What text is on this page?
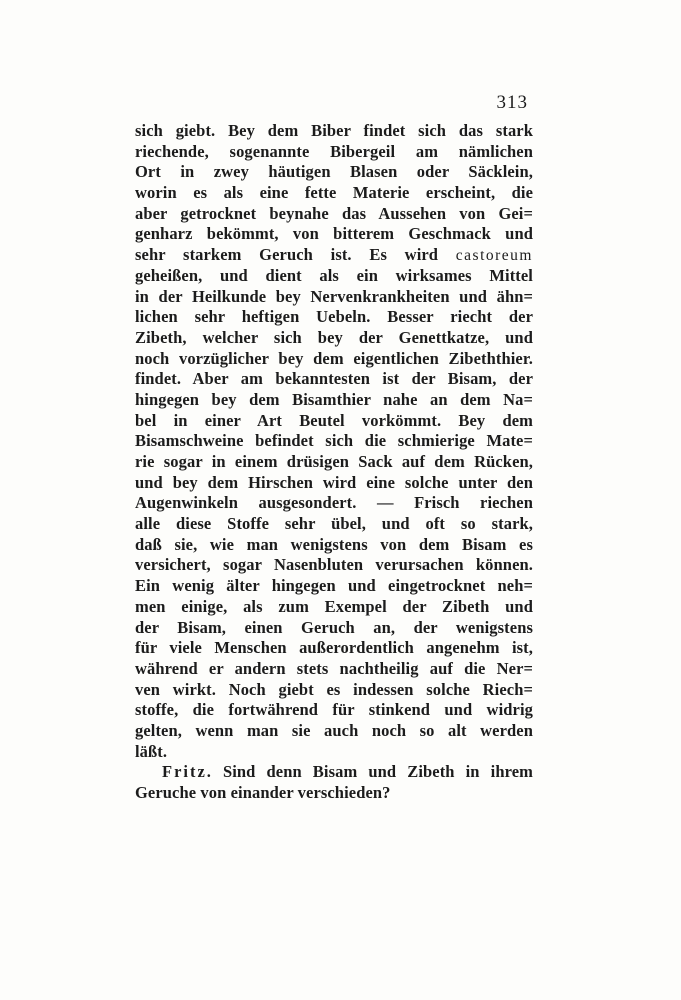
313
sich giebt. Bey dem Biber findet sich das stark
riechende, sogenannte Bibergeil am nämlichen
Ort in zwey häutigen Blasen oder Säcklein,
worin es als eine fette Materie erscheint, die
aber getrocknet beynahe das Aussehen von Gei=
genharz bekömmt, von bitterem Geschmack und
sehr starkem Geruch ist. Es wird castoreum
geheißen, und dient als ein wirksames Mittel
in der Heilkunde bey Nervenkrankheiten und ähn=
lichen sehr heftigen Uebeln. Besser riecht der
Zibeth, welcher sich bey der Genettkatze, und
noch vorzüglicher bey dem eigentlichen Zibeththier.
findet. Aber am bekanntesten ist der Bisam, der
hingegen bey dem Bisamthier nahe an dem Na=
bel in einer Art Beutel vorkömmt. Bey dem
Bisamschweine befindet sich die schmierige Mate=
rie sogar in einem drüsigen Sack auf dem Rücken,
und bey dem Hirschen wird eine solche unter den
Augenwinkeln ausgesondert. — Frisch riechen
alle diese Stoffe sehr übel, und oft so stark,
daß sie, wie man wenigstens von dem Bisam es
versichert, sogar Nasenbluten verursachen können.
Ein wenig älter hingegen und eingetrocknet neh=
men einige, als zum Exempel der Zibeth und
der Bisam, einen Geruch an, der wenigstens
für viele Menschen außerordentlich angenehm ist,
während er andern stets nachtheilig auf die Ner=
ven wirkt. Noch giebt es indessen solche Riech=
stoffe, die fortwährend für stinkend und widrig
gelten, wenn man sie auch noch so alt werden
läßt.
Fritz. Sind denn Bisam und Zibeth in ihrem
Geruche von einander verschieden?
